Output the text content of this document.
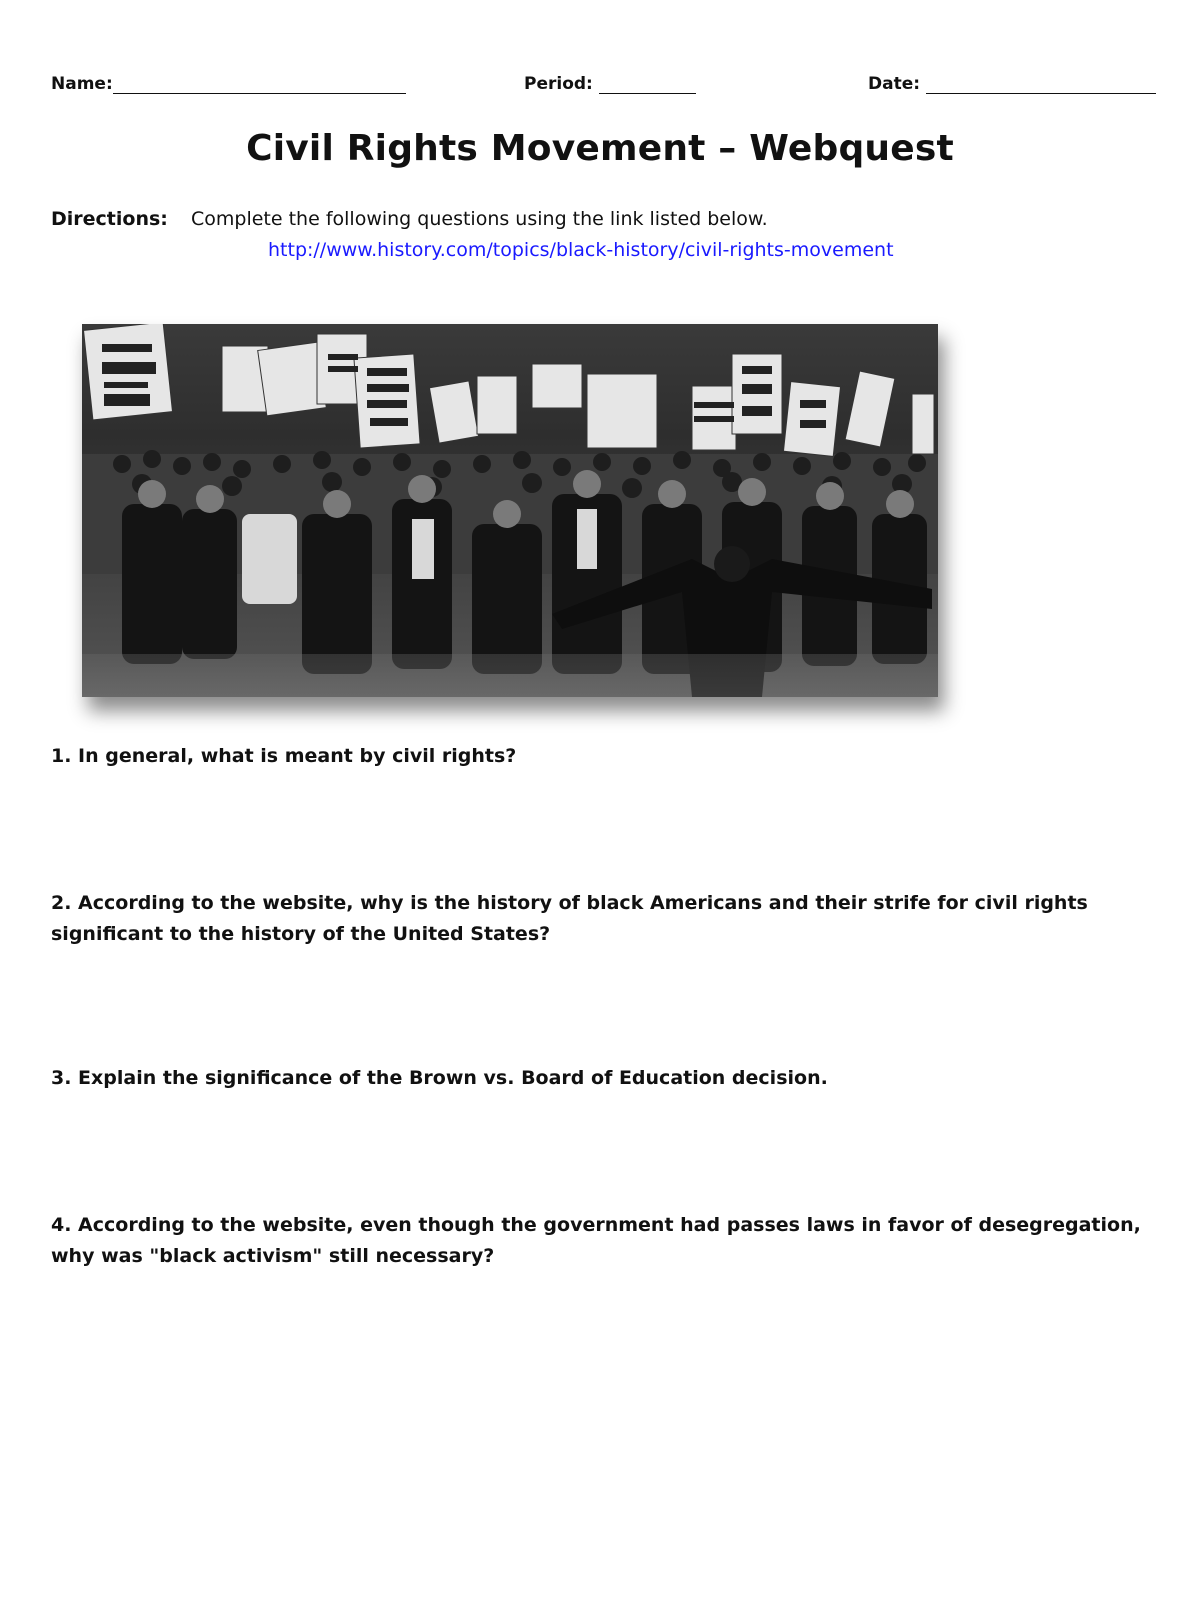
Name:	Period:	Date:
Civil Rights Movement – Webquest
Directions: Complete the following questions using the link listed below.
http://www.history.com/topics/black-history/civil-rights-movement
1. In general, what is meant by civil rights?
2. According to the website, why is the history of black Americans and their strife for civil rights significant to the history of the United States?
3. Explain the significance of the Brown vs. Board of Education decision.
4. According to the website, even though the government had passes laws in favor of desegregation, why was "black activism" still necessary?
